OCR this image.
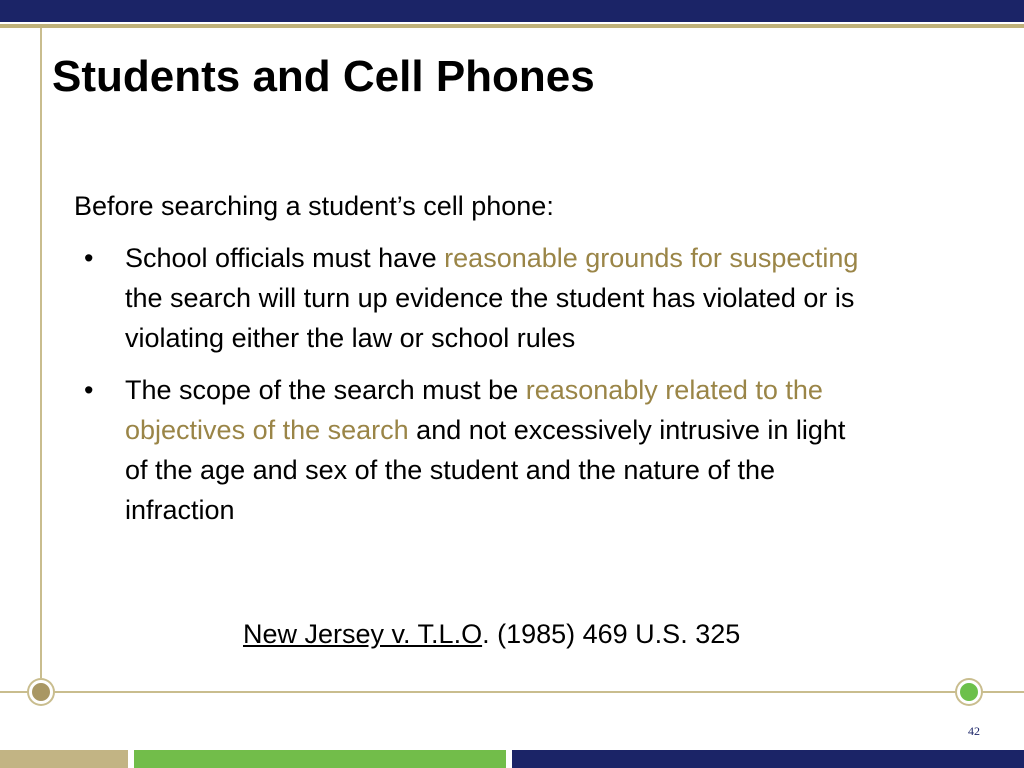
Students and Cell Phones

Before searching a student’s cell phone:

• School officials must have reasonable grounds for suspecting the search will turn up evidence the student has violated or is violating either the law or school rules
• The scope of the search must be reasonably related to the objectives of the search and not excessively intrusive in light of the age and sex of the student and the nature of the infraction

New Jersey v. T.L.O. (1985) 469 U.S. 325

42
